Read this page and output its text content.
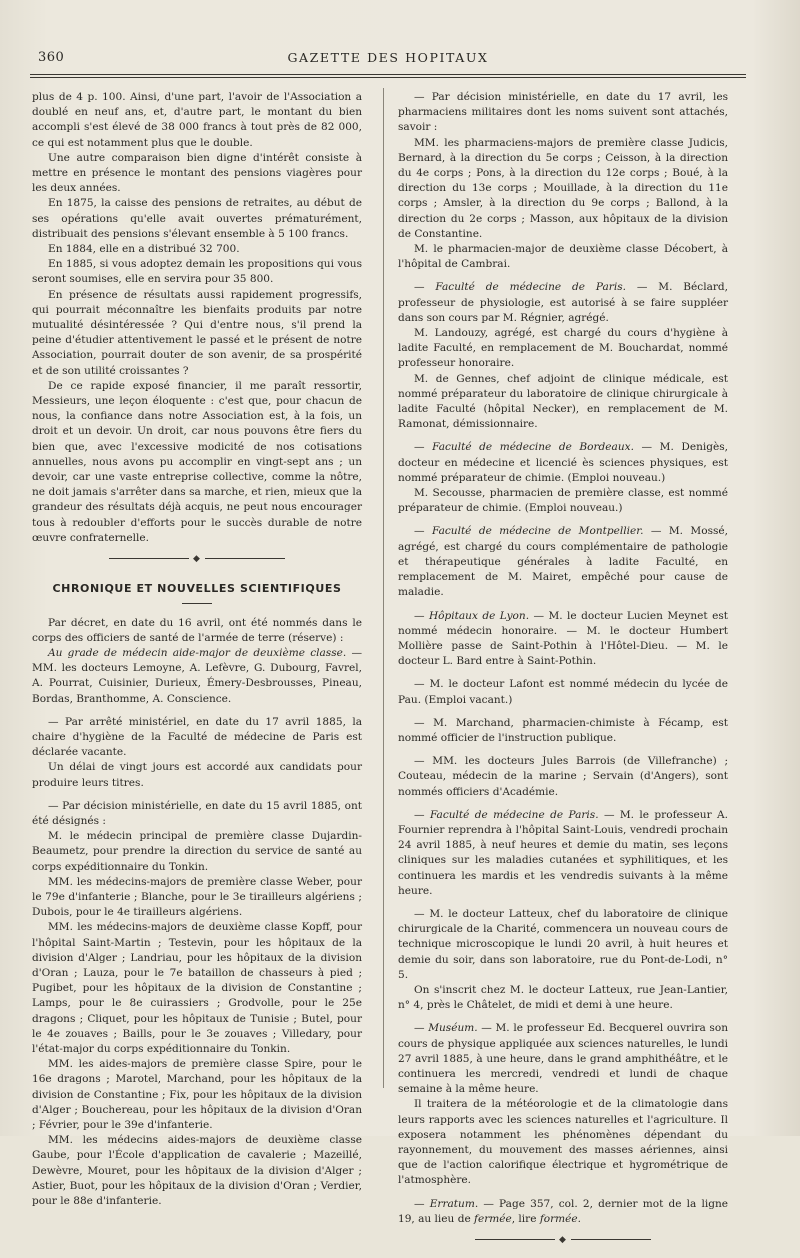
360	GAZETTE DES HOPITAUX

plus de 4 p. 100. Ainsi, d'une part, l'avoir de l'Association a doublé en neuf ans, et, d'autre part, le montant du bien accompli s'est élevé de 38 000 francs à tout près de 82 000, ce qui est notamment plus que le double.

Une autre comparaison bien digne d'intérêt consiste à mettre en présence le montant des pensions viagères pour les deux années.

En 1875, la caisse des pensions de retraites, au début de ses opérations qu'elle avait ouvertes prématurément, distribuait des pensions s'élevant ensemble à 5 100 francs.

En 1884, elle en a distribué 32 700.

En 1885, si vous adoptez demain les propositions qui vous seront soumises, elle en servira pour 35 800.

En présence de résultats aussi rapidement progressifs, qui pourrait méconnaître les bienfaits produits par notre mutualité désintéressée ? Qui d'entre nous, s'il prend la peine d'étudier attentivement le passé et le présent de notre Association, pourrait douter de son avenir, de sa prospérité et de son utilité croissantes ?

De ce rapide exposé financier, il me paraît ressortir, Messieurs, une leçon éloquente : c'est que, pour chacun de nous, la confiance dans notre Association est, à la fois, un droit et un devoir. Un droit, car nous pouvons être fiers du bien que, avec l'excessive modicité de nos cotisations annuelles, nous avons pu accomplir en vingt-sept ans ; un devoir, car une vaste entreprise collective, comme la nôtre, ne doit jamais s'arrêter dans sa marche, et rien, mieux que la grandeur des résultats déjà acquis, ne peut nous encourager tous à redoubler d'efforts pour le succès durable de notre œuvre confraternelle.

◆
CHRONIQUE ET NOUVELLES SCIENTIFIQUES

Par décret, en date du 16 avril, ont été nommés dans le corps des officiers de santé de l'armée de terre (réserve) :

Au grade de médecin aide-major de deuxième classe. — MM. les docteurs Lemoyne, A. Lefèvre, G. Dubourg, Favrel, A. Pourrat, Cuisinier, Durieux, Émery-Desbrousses, Pineau, Bordas, Branthomme, A. Conscience.

— Par arrêté ministériel, en date du 17 avril 1885, la chaire d'hygiène de la Faculté de médecine de Paris est déclarée vacante.

Un délai de vingt jours est accordé aux candidats pour produire leurs titres.

— Par décision ministérielle, en date du 15 avril 1885, ont été désignés :

M. le médecin principal de première classe Dujardin-Beaumetz, pour prendre la direction du service de santé au corps expéditionnaire du Tonkin.

MM. les médecins-majors de première classe Weber, pour le 79e d'infanterie ; Blanche, pour le 3e tirailleurs algériens ; Dubois, pour le 4e tirailleurs algériens.

MM. les médecins-majors de deuxième classe Kopff, pour l'hôpital Saint-Martin ; Testevin, pour les hôpitaux de la division d'Alger ; Landriau, pour les hôpitaux de la division d'Oran ; Lauza, pour le 7e bataillon de chasseurs à pied ; Pugibet, pour les hôpitaux de la division de Constantine ; Lamps, pour le 8e cuirassiers ; Grodvolle, pour le 25e dragons ; Cliquet, pour les hôpitaux de Tunisie ; Butel, pour le 4e zouaves ; Baills, pour le 3e zouaves ; Villedary, pour l'état-major du corps expéditionnaire du Tonkin.

MM. les aides-majors de première classe Spire, pour le 16e dragons ; Marotel, Marchand, pour les hôpitaux de la division de Constantine ; Fix, pour les hôpitaux de la division d'Alger ; Bouchereau, pour les hôpitaux de la division d'Oran ; Février, pour le 39e d'infanterie.

MM. les médecins aides-majors de deuxième classe Gaube, pour l'École d'application de cavalerie ; Mazeillé, Dewèvre, Mouret, pour les hôpitaux de la division d'Alger ; Astier, Buot, pour les hôpitaux de la division d'Oran ; Verdier, pour le 88e d'infanterie.

— Par décision ministérielle, en date du 17 avril, les pharmaciens militaires dont les noms suivent sont attachés, savoir :

MM. les pharmaciens-majors de première classe Judicis, Bernard, à la direction du 5e corps ; Ceisson, à la direction du 4e corps ; Pons, à la direction du 12e corps ; Boué, à la direction du 13e corps ; Mouillade, à la direction du 11e corps ; Amsler, à la direction du 9e corps ; Ballond, à la direction du 2e corps ; Masson, aux hôpitaux de la division de Constantine.

M. le pharmacien-major de deuxième classe Décobert, à l'hôpital de Cambrai.

— Faculté de médecine de Paris. — M. Béclard, professeur de physiologie, est autorisé à se faire suppléer dans son cours par M. Régnier, agrégé.

M. Landouzy, agrégé, est chargé du cours d'hygiène à ladite Faculté, en remplacement de M. Bouchardat, nommé professeur honoraire.

M. de Gennes, chef adjoint de clinique médicale, est nommé préparateur du laboratoire de clinique chirurgicale à ladite Faculté (hôpital Necker), en remplacement de M. Ramonat, démissionnaire.

— Faculté de médecine de Bordeaux. — M. Denigès, docteur en médecine et licencié ès sciences physiques, est nommé préparateur de chimie. (Emploi nouveau.)

M. Secousse, pharmacien de première classe, est nommé préparateur de chimie. (Emploi nouveau.)

— Faculté de médecine de Montpellier. — M. Mossé, agrégé, est chargé du cours complémentaire de pathologie et thérapeutique générales à ladite Faculté, en remplacement de M. Mairet, empêché pour cause de maladie.

— Hôpitaux de Lyon. — M. le docteur Lucien Meynet est nommé médecin honoraire. — M. le docteur Humbert Mollière passe de Saint-Pothin à l'Hôtel-Dieu. — M. le docteur L. Bard entre à Saint-Pothin.

— M. le docteur Lafont est nommé médecin du lycée de Pau. (Emploi vacant.)

— M. Marchand, pharmacien-chimiste à Fécamp, est nommé officier de l'instruction publique.

— MM. les docteurs Jules Barrois (de Villefranche) ; Couteau, médecin de la marine ; Servain (d'Angers), sont nommés officiers d'Académie.

— Faculté de médecine de Paris. — M. le professeur A. Fournier reprendra à l'hôpital Saint-Louis, vendredi prochain 24 avril 1885, à neuf heures et demie du matin, ses leçons cliniques sur les maladies cutanées et syphilitiques, et les continuera les mardis et les vendredis suivants à la même heure.

— M. le docteur Latteux, chef du laboratoire de clinique chirurgicale de la Charité, commencera un nouveau cours de technique microscopique le lundi 20 avril, à huit heures et demie du soir, dans son laboratoire, rue du Pont-de-Lodi, n° 5.

On s'inscrit chez M. le docteur Latteux, rue Jean-Lantier, n° 4, près le Châtelet, de midi et demi à une heure.

— Muséum. — M. le professeur Ed. Becquerel ouvrira son cours de physique appliquée aux sciences naturelles, le lundi 27 avril 1885, à une heure, dans le grand amphithéâtre, et le continuera les mercredi, vendredi et lundi de chaque semaine à la même heure.

Il traitera de la météorologie et de la climatologie dans leurs rapports avec les sciences naturelles et l'agriculture. Il exposera notamment les phénomènes dépendant du rayonnement, du mouvement des masses aériennes, ainsi que de l'action calorifique électrique et hygrométrique de l'atmosphère.

— Erratum. — Page 357, col. 2, dernier mot de la ligne 19, au lieu de fermée, lire formée.

◆
